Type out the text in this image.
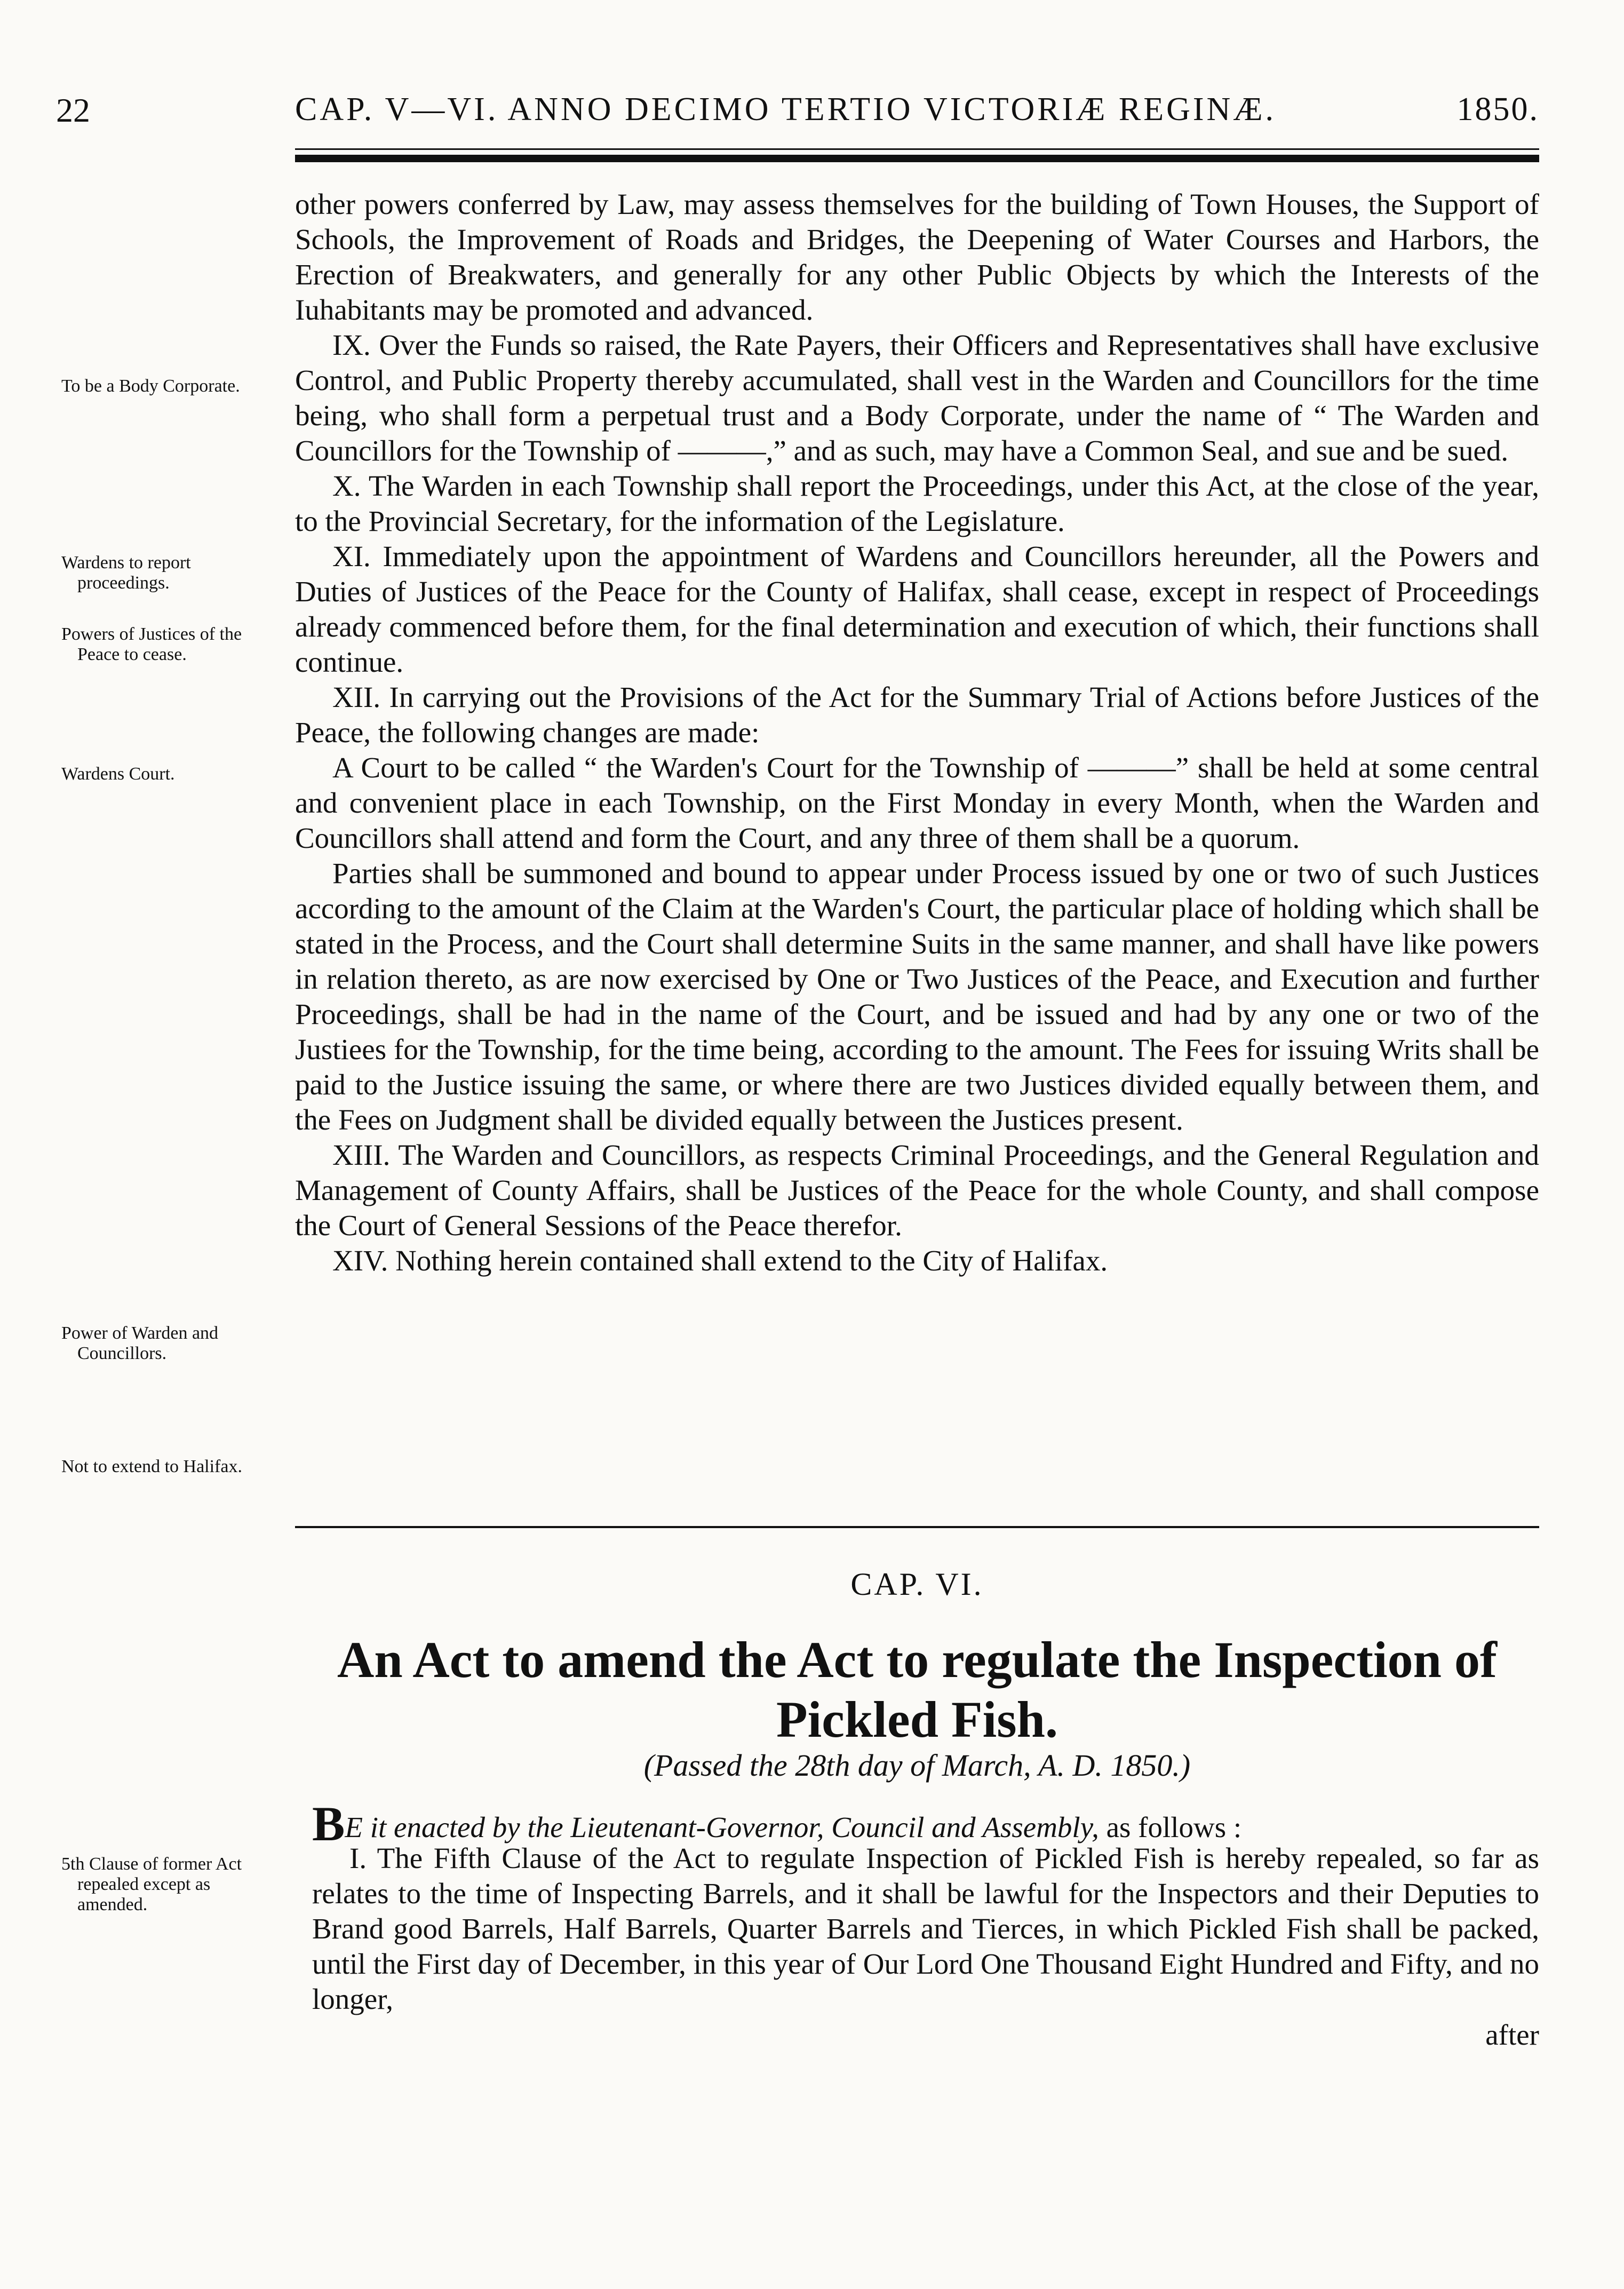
22	CAP. V—VI. ANNO DECIMO TERTIO VICTORIÆ REGINÆ.	1850.
To be a Body Corporate.
Wardens to report proceedings.
Powers of Justices of the Peace to cease.
Wardens Court.
Power of Warden and Councillors.
Not to extend to Halifax.
5th Clause of former Act repealed except as amended.

other powers conferred by Law, may assess themselves for the building of Town Houses, the Support of Schools, the Improvement of Roads and Bridges, the Deepening of Water Courses and Harbors, the Erection of Breakwaters, and generally for any other Public Objects by which the Interests of the Iuhabitants may be promoted and advanced.

IX. Over the Funds so raised, the Rate Payers, their Officers and Representatives shall have exclusive Control, and Public Property thereby accumulated, shall vest in the Warden and Councillors for the time being, who shall form a perpetual trust and a Body Corporate, under the name of “ The Warden and Councillors for the Township of ———,” and as such, may have a Common Seal, and sue and be sued.

X. The Warden in each Township shall report the Proceedings, under this Act, at the close of the year, to the Provincial Secretary, for the information of the Legislature.

XI. Immediately upon the appointment of Wardens and Councillors hereunder, all the Powers and Duties of Justices of the Peace for the County of Halifax, shall cease, except in respect of Proceedings already commenced before them, for the final determination and execution of which, their functions shall continue.

XII. In carrying out the Provisions of the Act for the Summary Trial of Actions before Justices of the Peace, the following changes are made:

A Court to be called “ the Warden's Court for the Township of ———” shall be held at some central and convenient place in each Township, on the First Monday in every Month, when the Warden and Councillors shall attend and form the Court, and any three of them shall be a quorum.

Parties shall be summoned and bound to appear under Process issued by one or two of such Justices according to the amount of the Claim at the Warden's Court, the particular place of holding which shall be stated in the Process, and the Court shall determine Suits in the same manner, and shall have like powers in relation thereto, as are now exercised by One or Two Justices of the Peace, and Execution and further Proceedings, shall be had in the name of the Court, and be issued and had by any one or two of the Justiees for the Township, for the time being, according to the amount. The Fees for issuing Writs shall be paid to the Justice issuing the same, or where there are two Justices divided equally between them, and the Fees on Judgment shall be divided equally between the Justices present.

XIII. The Warden and Councillors, as respects Criminal Proceedings, and the General Regulation and Management of County Affairs, shall be Justices of the Peace for the whole County, and shall compose the Court of General Sessions of the Peace therefor.

XIV. Nothing herein contained shall extend to the City of Halifax.

CAP. VI.
An Act to amend the Act to regulate the Inspection of Pickled Fish.
(Passed the 28th day of March, A. D. 1850.)
BE it enacted by the Lieutenant-Governor, Council and Assembly, as follows :

I. The Fifth Clause of the Act to regulate Inspection of Pickled Fish is hereby repealed, so far as relates to the time of Inspecting Barrels, and it shall be lawful for the Inspectors and their Deputies to Brand good Barrels, Half Barrels, Quarter Barrels and Tierces, in which Pickled Fish shall be packed, until the First day of December, in this year of Our Lord One Thousand Eight Hundred and Fifty, and no longer,

after
